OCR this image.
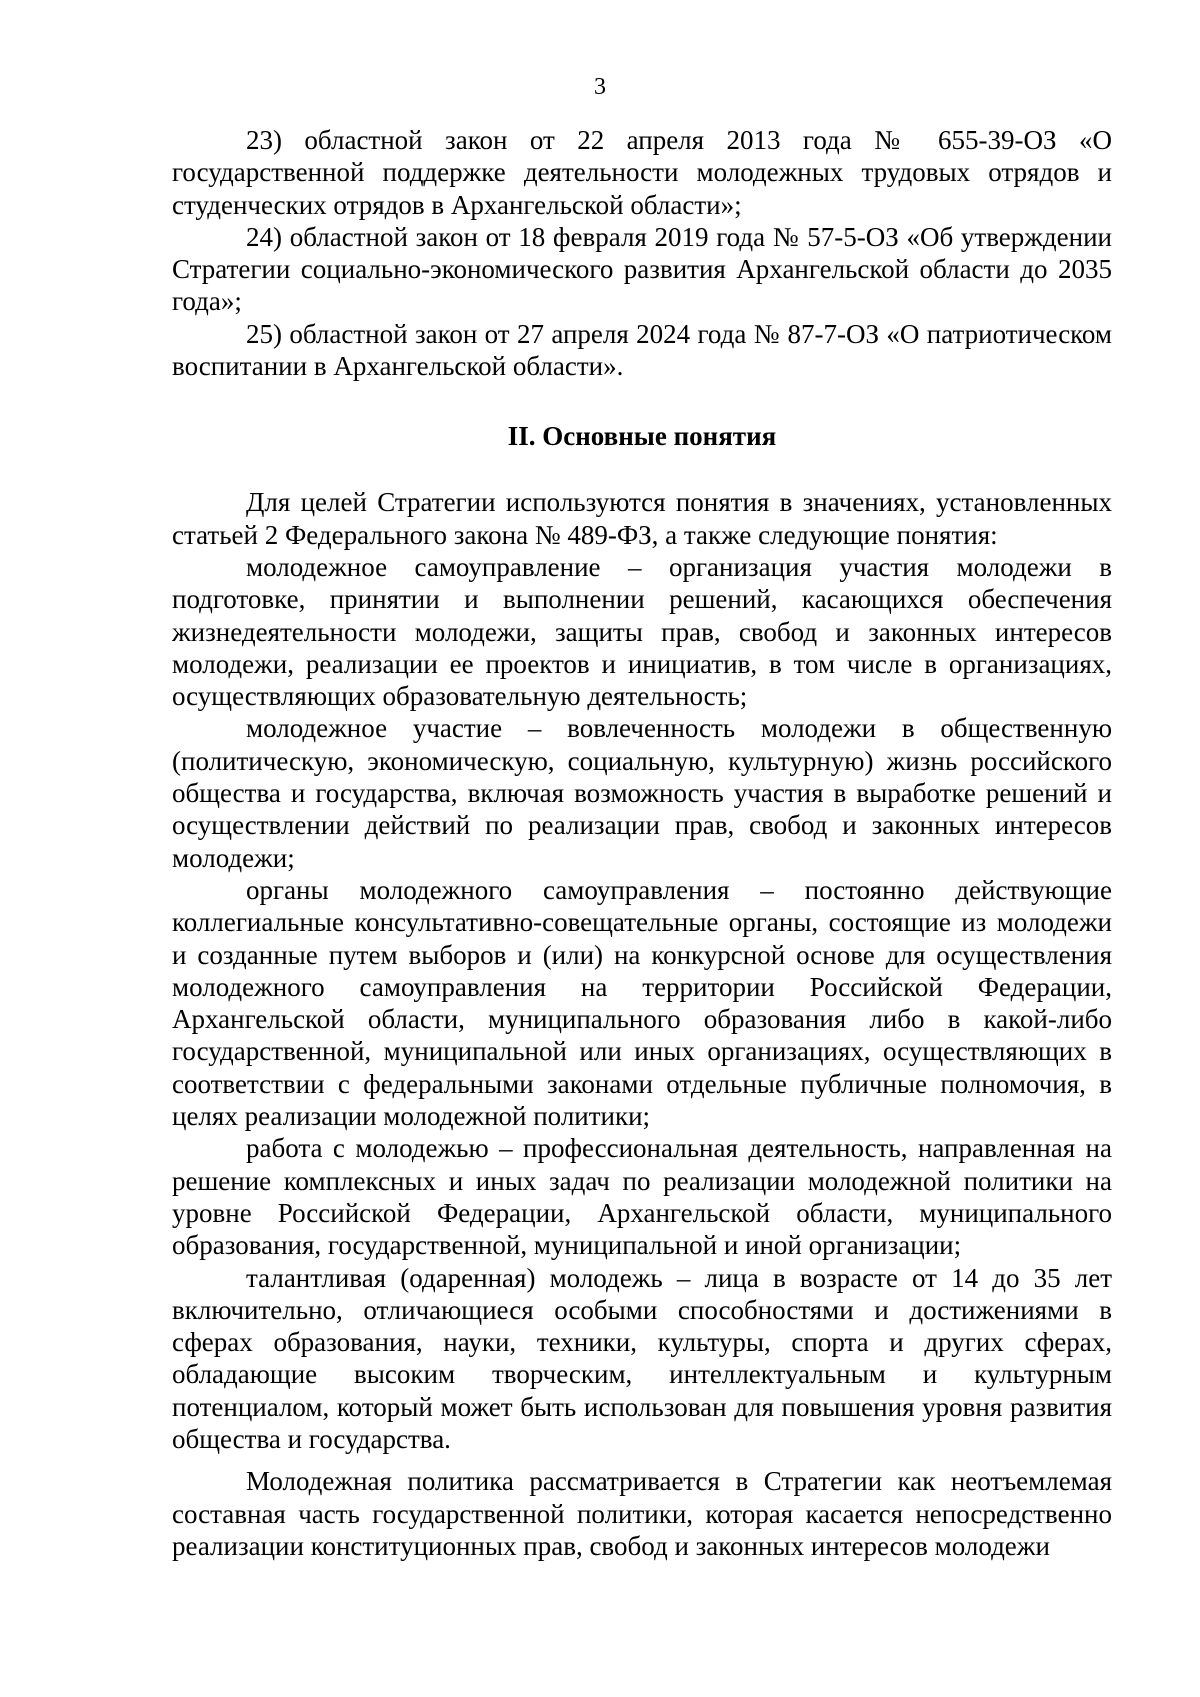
3

23) областной закон от 22 апреля 2013 года № 655-39-ОЗ «О государственной поддержке деятельности молодежных трудовых отрядов и студенческих отрядов в Архангельской области»;

24) областной закон от 18 февраля 2019 года № 57-5-ОЗ «Об утверждении Стратегии социально-экономического развития Архангельской области до 2035 года»;

25) областной закон от 27 апреля 2024 года № 87-7-ОЗ «О патриотическом воспитании в Архангельской области».

II. Основные понятия

Для целей Стратегии используются понятия в значениях, установленных статьей 2 Федерального закона № 489-ФЗ, а также следующие понятия:

молодежное самоуправление – организация участия молодежи в подготовке, принятии и выполнении решений, касающихся обеспечения жизнедеятельности молодежи, защиты прав, свобод и законных интересов молодежи, реализации ее проектов и инициатив, в том числе в организациях, осуществляющих образовательную деятельность;

молодежное участие – вовлеченность молодежи в общественную (политическую, экономическую, социальную, культурную) жизнь российского общества и государства, включая возможность участия в выработке решений и осуществлении действий по реализации прав, свобод и законных интересов молодежи;

органы молодежного самоуправления – постоянно действующие коллегиальные консультативно-совещательные органы, состоящие из молодежи и созданные путем выборов и (или) на конкурсной основе для осуществления молодежного самоуправления на территории Российской Федерации, Архангельской области, муниципального образования либо в какой-либо государственной, муниципальной или иных организациях, осуществляющих в соответствии с федеральными законами отдельные публичные полномочия, в целях реализации молодежной политики;

работа с молодежью – профессиональная деятельность, направленная на решение комплексных и иных задач по реализации молодежной политики на уровне Российской Федерации, Архангельской области, муниципального образования, государственной, муниципальной и иной организации;

талантливая (одаренная) молодежь – лица в возрасте от 14 до 35 лет включительно, отличающиеся особыми способностями и достижениями в сферах образования, науки, техники, культуры, спорта и других сферах, обладающие высоким творческим, интеллектуальным и культурным потенциалом, который может быть использован для повышения уровня развития общества и государства.

Молодежная политика рассматривается в Стратегии как неотъемлемая составная часть государственной политики, которая касается непосредственно реализации конституционных прав, свобод и законных интересов молодежи
